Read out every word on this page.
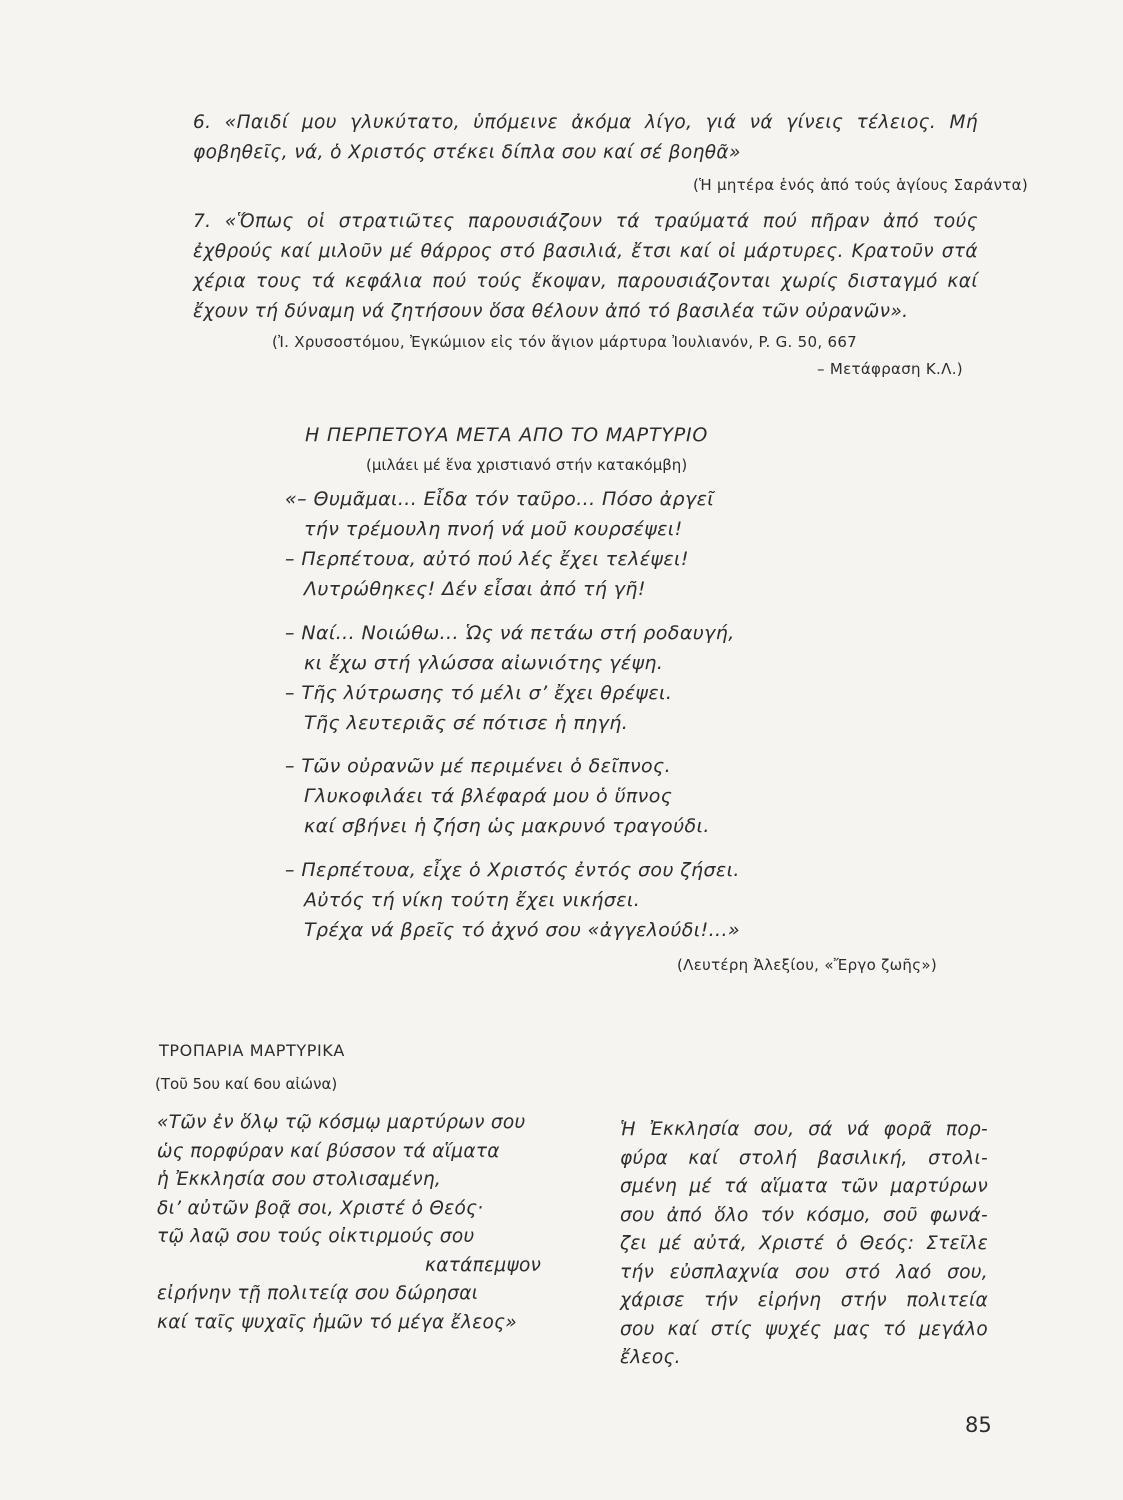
6. «Παιδί μου γλυκύτατο, ὑπόμεινε ἀκόμα λίγο, γιά νά γίνεις τέλειος. Μή
φοβηθεῖς, νά, ὁ Χριστός στέκει δίπλα σου καί σέ βοηθᾶ»
(Ἡ μητέρα ἑνός ἀπό τούς ἁγίους Σαράντα)
7. «Ὅπως οἱ στρατιῶτες παρουσιάζουν τά τραύματά πού πῆραν ἀπό τούς
ἐχθρούς καί μιλοῦν μέ θάρρος στό βασιλιά, ἔτσι καί οἱ μάρτυρες. Κρατοῦν στά
χέρια τους τά κεφάλια πού τούς ἔκοψαν, παρουσιάζονται χωρίς δισταγμό καί
ἔχουν τή δύναμη νά ζητήσουν ὅσα θέλουν ἀπό τό βασιλέα τῶν οὐρανῶν».
(Ἰ. Χρυσοστόμου, Ἐγκώμιον εἰς τόν ἅγιον μάρτυρα Ἰουλιανόν, P. G. 50, 667
– Μετάφραση Κ.Λ.)
Η ΠΕΡΠΕΤΟΥΑ ΜΕΤΑ ΑΠΟ ΤΟ ΜΑΡΤΥΡΙΟ
(μιλάει μέ ἕνα χριστιανό στήν κατακόμβη)
«– Θυμᾶμαι... Εἶδα τόν ταῦρο... Πόσο ἀργεῖ
τήν τρέμουλη πνοή νά μοῦ κουρσέψει!
– Περπέτουα, αὐτό πού λές ἔχει τελέψει!
Λυτρώθηκες! Δέν εἶσαι ἀπό τή γῆ!
– Ναί... Νοιώθω... Ὡς νά πετάω στή ροδαυγή,
κι ἔχω στή γλώσσα αἰωνιότης γέψη.
– Τῆς λύτρωσης τό μέλι σ’ ἔχει θρέψει.
Τῆς λευτεριᾶς σέ πότισε ἡ πηγή.
– Τῶν οὐρανῶν μέ περιμένει ὁ δεῖπνος.
Γλυκοφιλάει τά βλέφαρά μου ὁ ὕπνος
καί σβήνει ἡ ζήση ὡς μακρυνό τραγούδι.
– Περπέτουα, εἶχε ὁ Χριστός ἐντός σου ζήσει.
Αὐτός τή νίκη τούτη ἔχει νικήσει.
Τρέχα νά βρεῖς τό ἀχνό σου «ἀγγελούδι!...»
(Λευτέρη Ἀλεξίου, «Ἔργο ζωῆς»)
ΤΡΟΠΑΡΙΑ ΜΑΡΤΥΡΙΚΑ
(Τοῦ 5ου καί 6ου αἰώνα)
«Τῶν ἐν ὅλῳ τῷ κόσμῳ μαρτύρων σου
ὡς πορφύραν καί βύσσον τά αἵματα
ἡ Ἐκκλησία σου στολισαμένη,
δι’ αὐτῶν βοᾷ σοι, Χριστέ ὁ Θεός·
τῷ λαῷ σου τούς οἰκτιρμούς σου
κατάπεμψον
εἰρήνην τῇ πολιτείᾳ σου δώρησαι
καί ταῖς ψυχαῖς ἡμῶν τό μέγα ἔλεος»
Ἡ Ἐκκλησία σου, σά νά φορᾶ πορ-
φύρα καί στολή βασιλική, στολι-
σμένη μέ τά αἵματα τῶν μαρτύρων
σου ἀπό ὅλο τόν κόσμο, σοῦ φωνά-
ζει μέ αὐτά, Χριστέ ὁ Θεός: Στεῖλε
τήν εὐσπλαχνία σου στό λαό σου,
χάρισε τήν εἰρήνη στήν πολιτεία
σου καί στίς ψυχές μας τό μεγάλο
ἔλεος.
85
